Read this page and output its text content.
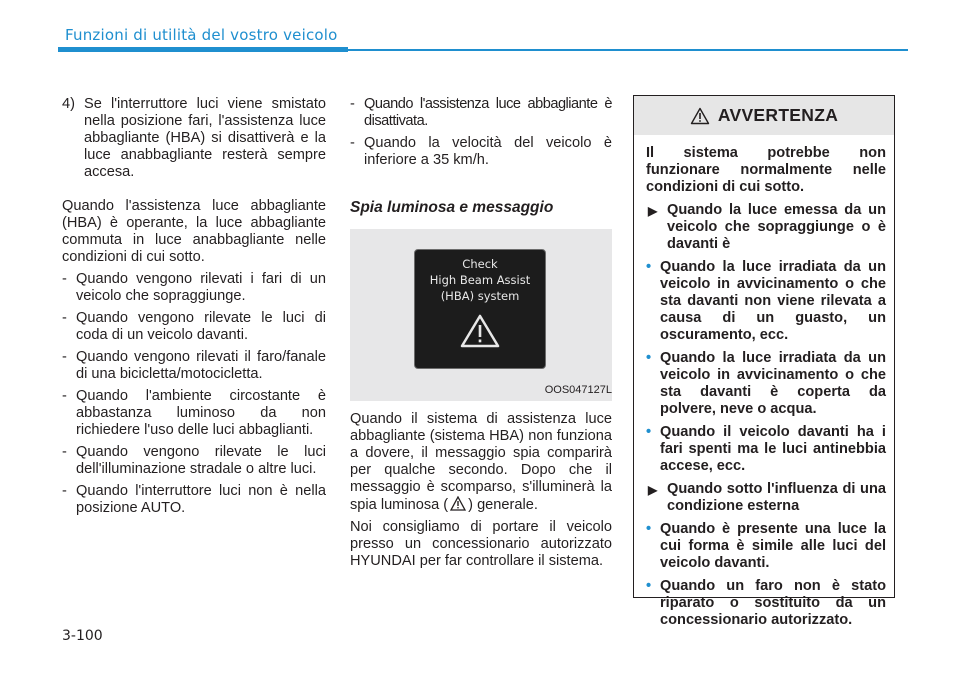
Funzioni di utilità del vostro veicolo
4) Se l'interruttore luci viene smistato nella posizione fari, l'assistenza luce abbagliante (HBA) si disattiverà e la luce anabbagliante resterà sempre accesa.

Quando l'assistenza luce abbagliante (HBA) è operante, la luce abbagliante commuta in luce anabbagliante nelle condizioni di cui sotto.

- Quando vengono rilevati i fari di un veicolo che sopraggiunge.
- Quando vengono rilevate le luci di coda di un veicolo davanti.
- Quando vengono rilevati il faro/fanale di una bicicletta/motocicletta.
- Quando l'ambiente circostante è abbastanza luminoso da non richiedere l'uso delle luci abbaglianti.
- Quando vengono rilevate le luci dell'illuminazione stradale o altre luci.
- Quando l'interruttore luci non è nella posizione AUTO.
- Quando l'assistenza luce abbagliante è disattivata.
- Quando la velocità del veicolo è inferiore a 35 km/h.

Spia luminosa e messaggio

Check
High Beam Assist
(HBA) system
OOS047127L

Quando il sistema di assistenza luce abbagliante (sistema HBA) non funziona a dovere, il messaggio spia comparirà per qualche secondo. Dopo che il messaggio è scomparso, s'illuminerà la spia luminosa ( ) generale.

Noi consigliamo di portare il veicolo presso un concessionario autorizzato HYUNDAI per far controllare il sistema.

AVVERTENZA

Il sistema potrebbe non funzionare normalmente nelle condizioni di cui sotto.

▶ Quando la luce emessa da un veicolo che sopraggiunge o è davanti è
• Quando la luce irradiata da un veicolo in avvicinamento o che sta davanti non viene rilevata a causa di un guasto, un oscuramento, ecc.
• Quando la luce irradiata da un veicolo in avvicinamento o che sta davanti è coperta da polvere, neve o acqua.
• Quando il veicolo davanti ha i fari spenti ma le luci antinebbia accese, ecc.
▶ Quando sotto l'influenza di una condizione esterna
• Quando è presente una luce la cui forma è simile alle luci del veicolo davanti.
• Quando un faro non è stato riparato o sostituito da un concessionario autorizzato.
3-100
